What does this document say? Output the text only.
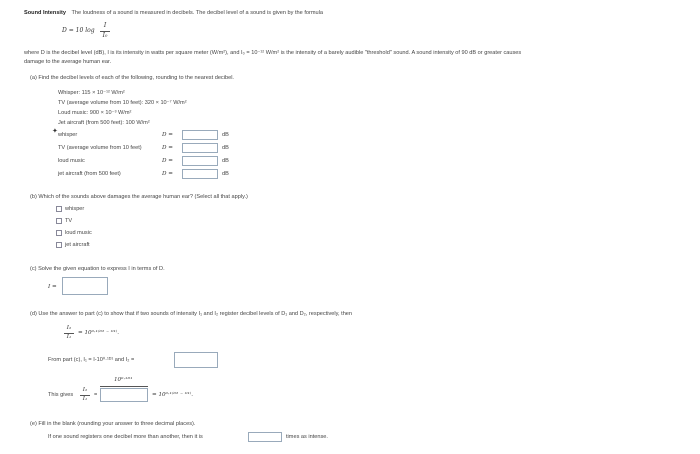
Sound Intensity The loudness of a sound is measured in decibels. The decibel level of a sound is given by the formula
D = 10 log
I
I₀
where D is the decibel level (dB), I is its intensity in watts per square meter (W/m²), and I₀ = 10⁻¹² W/m² is the intensity of a barely audible "threshold" sound. A sound intensity of 90 dB or greater causes
damage to the average human ear.
(a) Find the decibel levels of each of the following, rounding to the nearest decibel.
Whisper: 115 × 10⁻¹² W/m²
TV (average volume from 10 feet): 320 × 10⁻⁷ W/m²
Loud music: 900 × 10⁻³ W/m²
Jet aircraft (from 500 feet): 100 W/m²
✦ whisper	D =	dB
TV (average volume from 10 feet)	D =	dB
loud music	D =	dB
jet aircraft (from 500 feet)	D =	dB
(b) Which of the sounds above damages the average human ear? (Select all that apply.)
whisper
TV
loud music
jet aircraft
(c) Solve the given equation to express I in terms of D.
I =
(d) Use the answer to part (c) to show that if two sounds of intensity I₁ and I₂ register decibel levels of D₁ and D₂, respectively, then
I₂
I₁
= 10⁰·¹⁽ᴰ² ⁻ ᴰ¹⁾.
From part (c), I₁ = I‐10⁰·¹ᴰ¹ and I₂ =
This gives
I₂
I₁
=
10⁰·¹ᴰ¹
= 10⁰·¹⁽ᴰ² ⁻ ᴰ¹⁾.
(e) Fill in the blank (rounding your answer to three decimal places).
If one sound registers one decibel more than another, then it is	times as intense.
